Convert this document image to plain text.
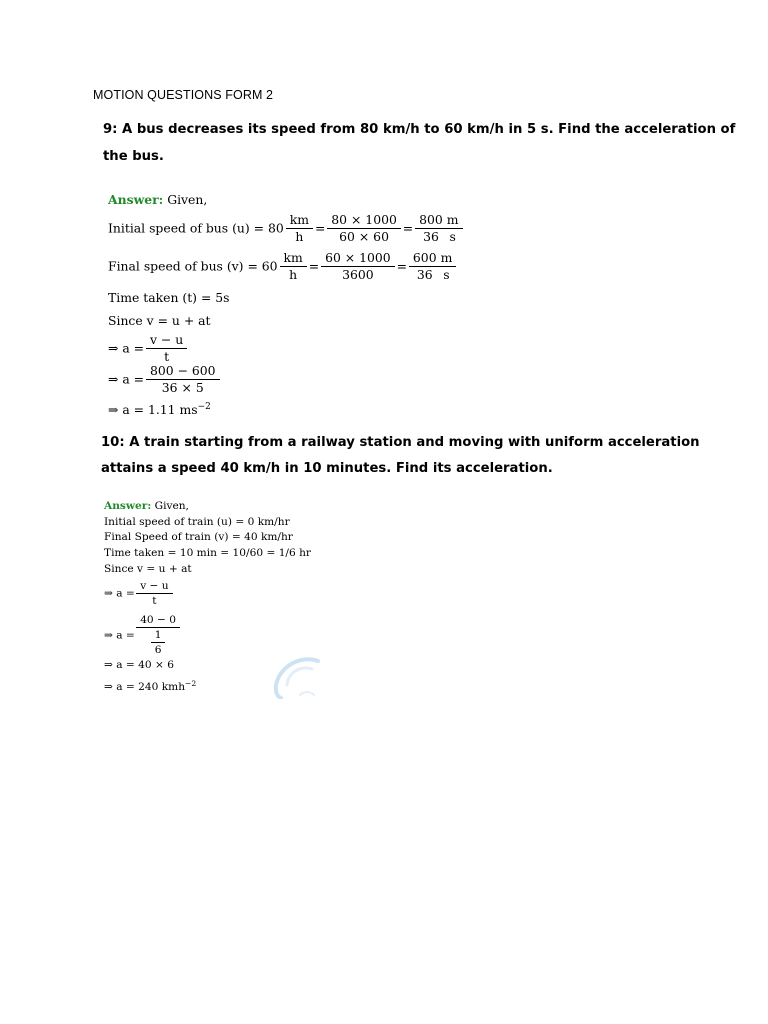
MOTION QUESTIONS FORM 2
9: A bus decreases its speed from 80 km/h to 60 km/h in 5 s. Find the acceleration of
the bus.
Answer: Given,
Initial speed of bus $(u) = 80 \frac{km}{h} = \frac{80 \times 1000}{60 \times 60} = \frac{800}{36} \frac{m}{s}$
Final speed of bus $(v) = 60 \frac{km}{h} = \frac{60 \times 1000}{3600} = \frac{600}{36} \frac{m}{s}$
Time taken (t) = 5s
Since v = u + at
⇒ $a = \frac{v - u}{t}$
⇒ $a = \frac{800 - 600}{36 \times 5}$
⇒ a = 1.11 $ms^{-2}$
10: A train starting from a railway station and moving with uniform acceleration
attains a speed 40 km/h in 10 minutes. Find its acceleration.
Answer: Given,
Initial speed of train (u) = 0 km/hr
Final Speed of train (v) = 40 km/hr
Time taken = 10 min = 10/60 = 1/6 hr
Since v = u + at
⇒ $a = \frac{v - u}{t}$
⇒ $a = \frac{40 - 0}{\frac{1}{6}}$
⇒ a = 40 × 6
⇒ a = 240 kmh$^{-2}$
